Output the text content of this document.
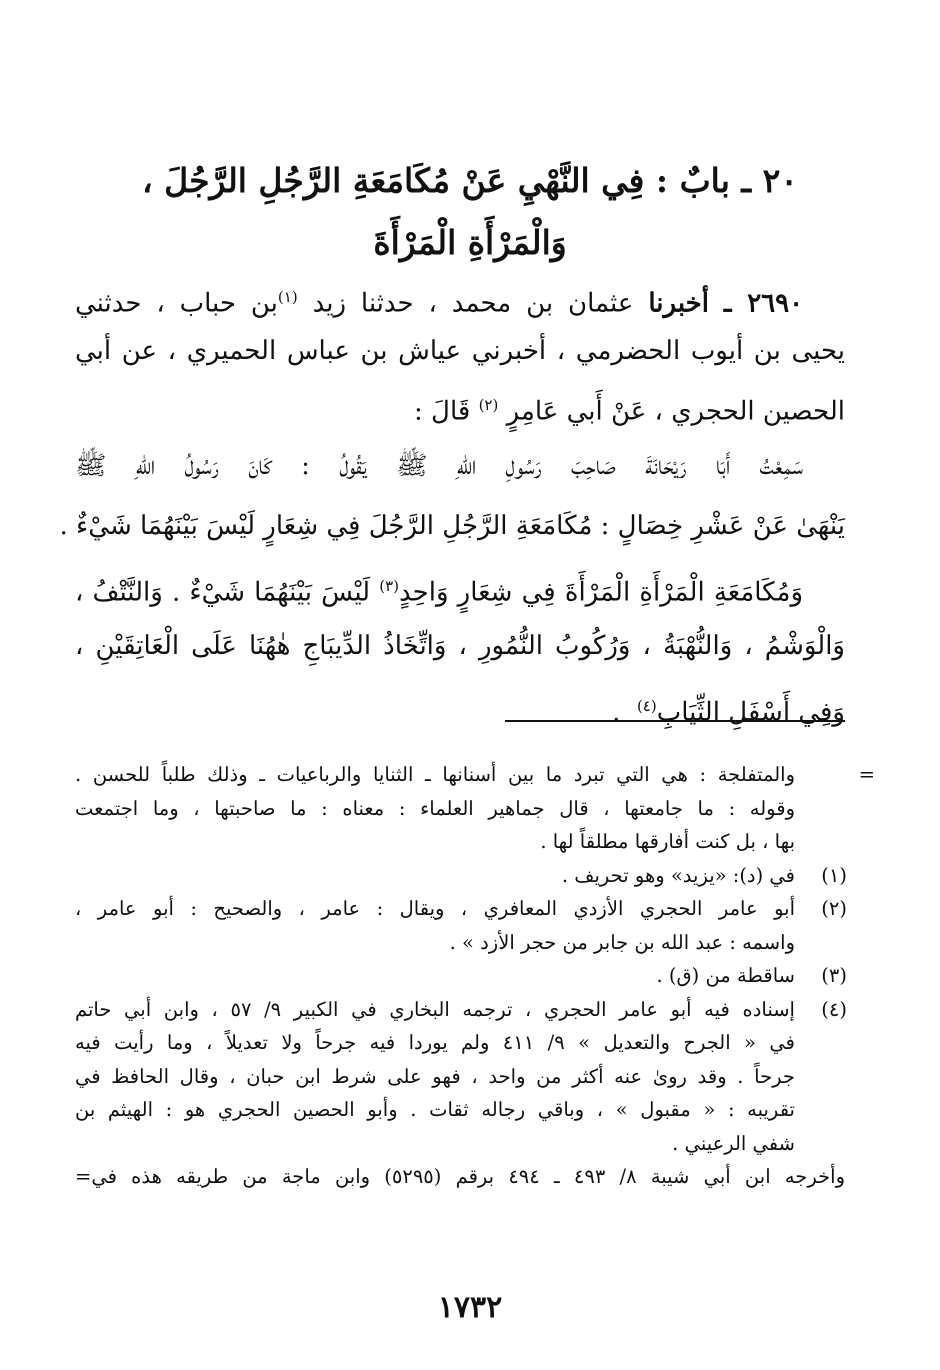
٢٠ ـ بابٌ : فِي النَّهْيِ عَنْ مُكَامَعَةِ الرَّجُلِ الرَّجُلَ ،
وَالْمَرْأَةِ الْمَرْأَةَ
٢٦٩٠ ـ أخبرنا عثمان بن محمد ، حدثنا زيد $^{(١)}$بن حباب ، حدثني
يحيى بن أيوب الحضرمي ، أخبرني عياش بن عباس الحميري ، عن أبي
الحصين الحجري ، عَنْ أَبي عَامِرٍ $^{(٢)}$ قَالَ :
سَمِعْتُ أَبَا رَيْحَانَةَ صَاحِبَ رَسُولِ اللهِ ﷺ يَقُولُ : كَانَ رَسُولُ اللهِ ﷺ
يَنْهَىٰ عَنْ عَشْرِ خِصَالٍ : مُكَامَعَةِ الرَّجُلِ الرَّجُلَ فِي شِعَارٍ لَيْسَ بَيْنَهُمَا شَيْءٌ .
وَمُكَامَعَةِ الْمَرْأَةِ الْمَرْأَةَ فِي شِعَارٍ وَاحِدٍ$^{(٣)}$ لَيْسَ بَيْنَهُمَا شَيْءٌ . وَالنَّتْفُ ،
وَالْوَشْمُ ، وَالنُّهْبَةُ ، وَرُكُوبُ النُّمُورِ ، وَاتِّخَاذُ الدِّيبَاجِ هٰهُنَا عَلَى الْعَاتِقَيْنِ ،
وَفِي أَسْفَلِ الثِّيَابِ$^{(٤)}$  .
=
والمتفلجة : هي التي تبرد ما بين أسنانها ـ الثنايا والرباعيات ـ وذلك طلباً للحسن .
وقوله : ما جامعتها ، قال جماهير العلماء : معناه : ما صاحبتها ، وما اجتمعت
بها ، بل كنت أفارقها مطلقاً لها .
(١)
في (د): «يزيد» وهو تحريف .
(٢)
أبو عامر الحجري الأزدي المعافري ، ويقال : عامر ، والصحيح : أبو عامر ،
واسمه : عبد الله بن جابر من حجر الأزد » .
(٣)
ساقطة من (ق) .
(٤)
إسناده فيه أبو عامر الحجري ، ترجمه البخاري في الكبير ٩/ ٥٧ ، وابن أبي حاتم
في « الجرح والتعديل » ٩/ ٤١١ ولم يوردا فيه جرحاً ولا تعديلاً ، وما رأيت فيه
جرحاً . وقد روىٰ عنه أكثر من واحد ، فهو على شرط ابن حبان ، وقال الحافظ في
تقريبه : « مقبول » ، وباقي رجاله ثقات . وأبو الحصين الحجري هو : الهيثم بن
شفي الرعيني .
وأخرجه ابن أبي شيبة ٨/ ٤٩٣ ـ ٤٩٤ برقم (٥٢٩٥) وابن ماجة من طريقه هذه في=
١٧٣٢
